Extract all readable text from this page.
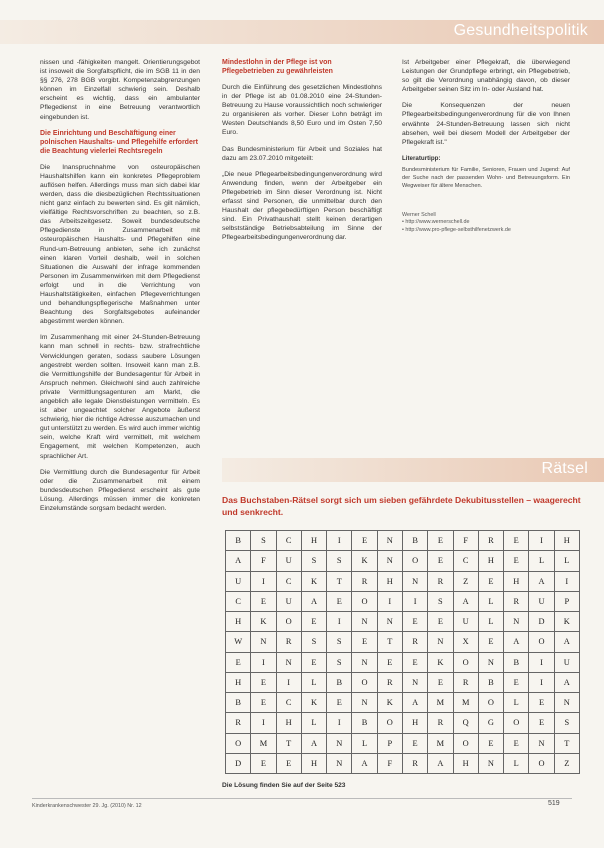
Gesundheitspolitik

nissen und -fähigkeiten mangelt. Orientierungsgebot ist insoweit die Sorgfaltspflicht, die im SGB 11 in den §§ 276, 278 BGB vorgibt. Kompetenzabgrenzungen können im Einzelfall schwierig sein. Deshalb erscheint es wichtig, dass ein ambulanter Pflegedienst in eine Betreuung verantwortlich eingebunden ist.

Die Einrichtung und Beschäftigung einer polnischen Haushalts- und Pflegehilfe erfordert die Beachtung vielerlei Rechtsregeln

Die Inanspruchnahme von osteuropäischen Haushaltshilfen kann ein konkretes Pflegeproblem auflösen helfen. Allerdings muss man sich dabei klar werden, dass die diesbezüglichen Rechtssituationen nicht ganz einfach zu bewerten sind. Es gilt nämlich, vielfältige Rechtsvorschriften zu beachten, so z.B. das Arbeitszeitgesetz. Soweit bundesdeutsche Pflegedienste in Zusammenarbeit mit osteuropäischen Haushalts- und Pflegehilfen eine Rund-um-Betreuung anbieten, sehe ich zunächst einen klaren Vorteil deshalb, weil in solchen Situationen die Auswahl der infrage kommenden Personen im Zusammenwirken mit dem Pflegedienst erfolgt und in die Verrichtung von Haushaltstätigkeiten, einfachen Pflegeverrichtungen und behandlungspflegerische Maßnahmen unter Beachtung des Sorgfaltsgebotes aufeinander abgestimmt werden können.

Im Zusammenhang mit einer 24-Stunden-Betreuung kann man schnell in rechts- bzw. strafrechtliche Verwicklungen geraten, sodass saubere Lösungen angestrebt werden sollten. Insoweit kann man z.B. die Vermittlungshilfe der Bundesagentur für Arbeit in Anspruch nehmen. Gleichwohl sind auch zahlreiche private Vermittlungsagenturen am Markt, die angeblich alle legale Dienstleistungen vermitteln. Es ist aber ungeachtet solcher Angebote äußerst schwierig, hier die richtige Adresse auszumachen und gut unterstützt zu werden. Es wird auch immer wichtig sein, welche Kraft wird vermittelt, mit welchem Engagement, mit welchen Kompetenzen, auch sprachlicher Art.

Die Vermittlung durch die Bundesagentur für Arbeit oder die Zusammenarbeit mit einem bundesdeutschen Pflegedienst erscheint als gute Lösung. Allerdings müssen immer die konkreten Einzelumstände sorgsam bedacht werden.

Mindestlohn in der Pflege ist von Pflegebetrieben zu gewährleisten

Durch die Einführung des gesetzlichen Mindestlohns in der Pflege ist ab 01.08.2010 eine 24-Stunden-Betreuung zu Hause voraussichtlich noch schwieriger zu organisieren als vorher. Dieser Lohn beträgt im Westen Deutschlands 8,50 Euro und im Osten 7,50 Euro.

Das Bundesministerium für Arbeit und Soziales hat dazu am 23.07.2010 mitgeteilt:

„Die neue Pflegearbeitsbedingungenverordnung wird Anwendung finden, wenn der Arbeitgeber ein Pflegebetrieb im Sinn dieser Verordnung ist. Nicht erfasst sind Personen, die unmittelbar durch den Haushalt der pflegebedürftigen Person beschäftigt sind. Ein Privathaushalt stellt keinen derartigen selbstständige Betriebsabteilung im Sinne der Pflegearbeitsbedingungenverordnung dar.

Ist Arbeitgeber einer Pflegekraft, die überwiegend Leistungen der Grundpflege erbringt, ein Pflegebetrieb, so gilt die Verordnung unabhängig davon, ob dieser Arbeitgeber seinen Sitz im In- oder Ausland hat.

Die Konsequenzen der neuen Pflegearbeitsbedingungenverordnung für die von Ihnen erwähnte 24-Stunden-Betreuung lassen sich nicht absehen, weil bei diesem Modell der Arbeitgeber der Pflegekraft ist."

Literaturtipp:
Bundesministerium für Familie, Senioren, Frauen und Jugend: Auf der Suche nach der passenden Wohn- und Betreuungsform. Ein Wegweiser für ältere Menschen.
Werner Schell
• http://www.wernerschell.de
• http://www.pro-pflege-selbsthilfenetzwerk.de
Rätsel
Das Buchstaben-Rätsel sorgt sich um sieben gefährdete Dekubitusstellen – waagerecht und senkrecht.
B	S	C	H	I	E	N	B	E	F	R	E	I	H
A	F	U	S	S	K	N	O	E	C	H	E	L	L
U	I	C	K	T	R	H	N	R	Z	E	H	A	I
C	E	U	A	E	O	I	I	S	A	L	R	U	P
H	K	O	E	I	N	N	E	E	U	L	N	D	K
W	N	R	S	S	E	T	R	N	X	E	A	O	A
E	I	N	E	S	N	E	E	K	O	N	B	I	U
H	E	I	L	B	O	R	N	E	R	B	E	I	A
B	E	C	K	E	N	K	A	M	M	O	L	E	N
R	I	H	L	I	B	O	H	R	Q	G	O	E	S
O	M	T	A	N	L	P	E	M	O	E	E	N	T
D	E	E	H	N	A	F	R	A	H	N	L	O	Z
Die Lösung finden Sie auf der Seite 523
Kinderkrankenschwester 29. Jg. (2010) Nr. 12	519
